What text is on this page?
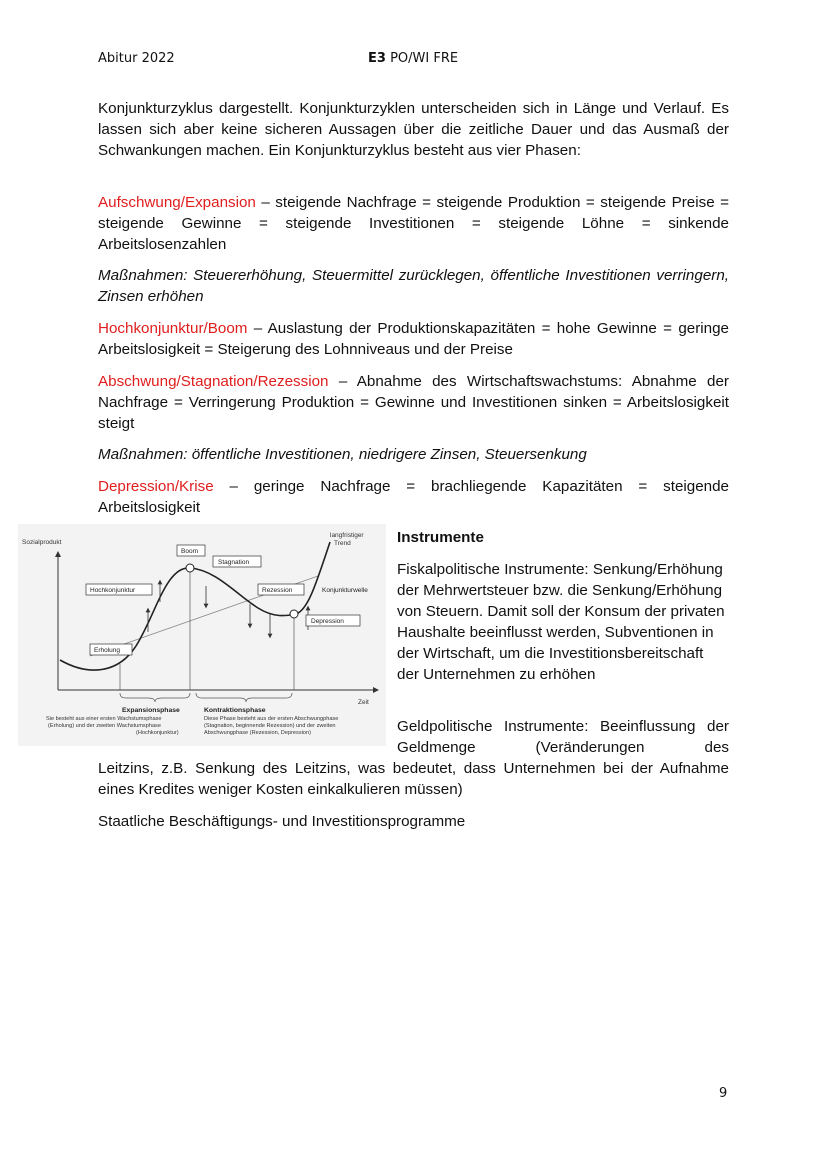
Abitur 2022	E3 PO/WI FRE
Konjunkturzyklus dargestellt. Konjunkturzyklen unterscheiden sich in Länge und Verlauf. Es lassen sich aber keine sicheren Aussagen über die zeitliche Dauer und das Ausmaß der Schwankungen machen. Ein Konjunkturzyklus besteht aus vier Phasen:
Aufschwung/Expansion – steigende Nachfrage = steigende Produktion = steigende Preise = steigende Gewinne = steigende Investitionen = steigende Löhne = sinkende Arbeitslosenzahlen
Maßnahmen: Steuererhöhung, Steuermittel zurücklegen, öffentliche Investitionen verringern, Zinsen erhöhen
Hochkonjunktur/Boom – Auslastung der Produktionskapazitäten = hohe Gewinne = geringe Arbeitslosigkeit = Steigerung des Lohnniveaus und der Preise
Abschwung/Stagnation/Rezession – Abnahme des Wirtschaftswachstums: Abnahme der Nachfrage = Verringerung Produktion = Gewinne und Investitionen sinken = Arbeitslosigkeit steigt
Maßnahmen: öffentliche Investitionen, niedrigere Zinsen, Steuersenkung
Depression/Krise – geringe Nachfrage = brachliegende Kapazitäten = steigende Arbeitslosigkeit
Sozialprodukt
Zeit
langfristiger
Trend
Boom
Stagnation
Hochkonjunktur	Rezession	Konjunkturwelle
Depression
Erholung
Expansionsphase	Kontraktionsphase
Sie besteht aus einer ersten Wachstumsphase
(Erholung) und der zweiten Wachstumsphase
(Hochkonjunktur)
Diese Phase besteht aus der ersten Abschwungphase
(Stagnation, beginnende Rezession) und der zweiten
Abschwungphase (Rezession, Depression)
Instrumente

Fiskalpolitische Instrumente: Senkung/Erhöhung der Mehrwertsteuer bzw. die Senkung/Erhöhung von Steuern. Damit soll der Konsum der privaten Haushalte beeinflusst werden, Subventionen in der Wirtschaft, um die Investitionsbereitschaft der Unternehmen zu erhöhen

Geldpolitische Instrumente: Beeinflussung der Geldmenge (Veränderungen des

Leitzins, z.B. Senkung des Leitzins, was bedeutet, dass Unternehmen bei der Aufnahme eines Kredites weniger Kosten einkalkulieren müssen)
Staatliche Beschäftigungs- und Investitionsprogramme
9
